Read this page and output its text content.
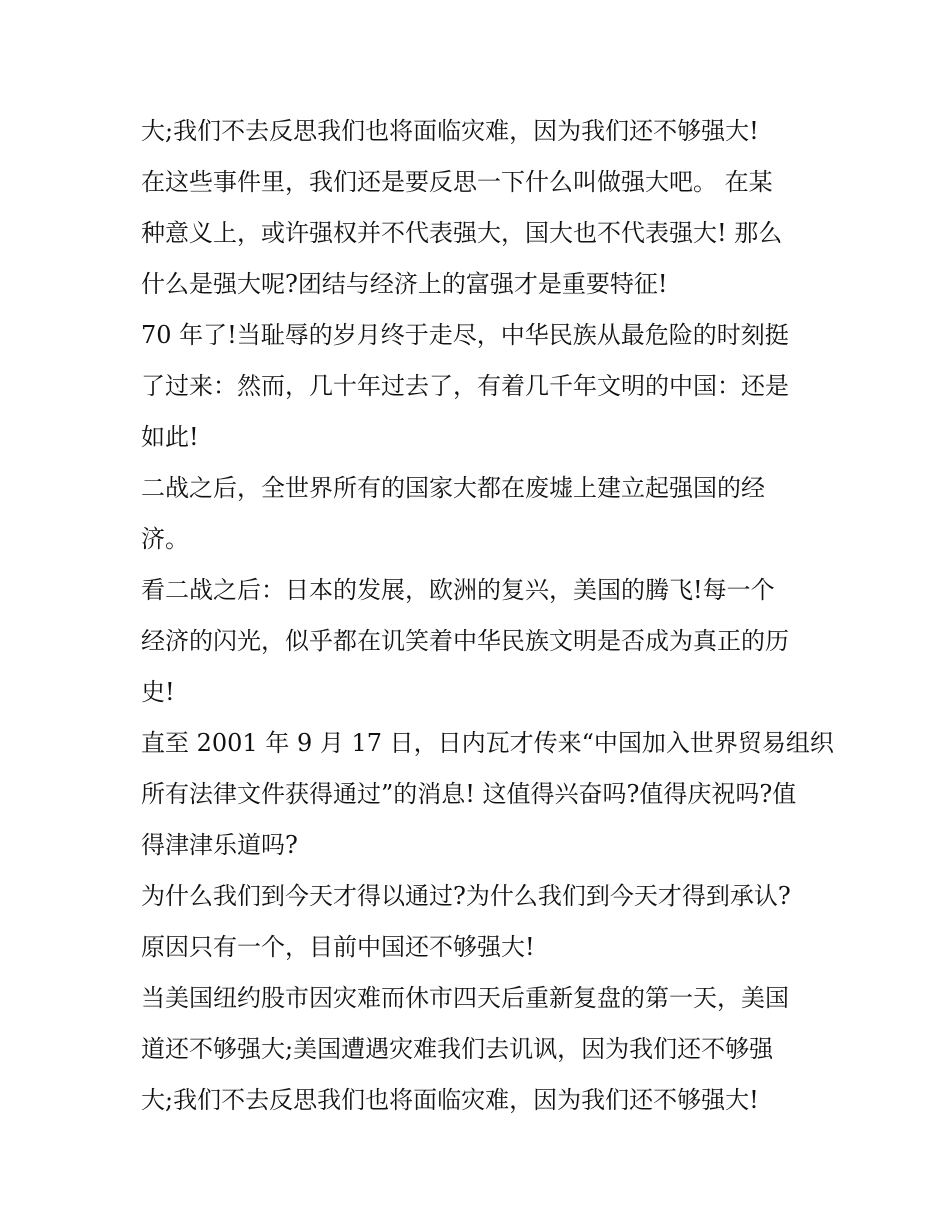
大;我们不去反思我们也将面临灾难，因为我们还不够强大!
在这些事件里，我们还是要反思一下什么叫做强大吧。 在某
种意义上，或许强权并不代表强大，国大也不代表强大! 那么
什么是强大呢?团结与经济上的富强才是重要特征!
70 年了!当耻辱的岁月终于走尽，中华民族从最危险的时刻挺
了过来：然而，几十年过去了，有着几千年文明的中国：还是
如此!
二战之后，全世界所有的国家大都在废墟上建立起强国的经
济。
看二战之后：日本的发展，欧洲的复兴，美国的腾飞!每一个
经济的闪光，似乎都在讥笑着中华民族文明是否成为真正的历
史!
直至 2001 年 9 月 17 日，日内瓦才传来“中国加入世界贸易组织
所有法律文件获得通过”的消息! 这值得兴奋吗?值得庆祝吗?值
得津津乐道吗?
为什么我们到今天才得以通过?为什么我们到今天才得到承认?
原因只有一个，目前中国还不够强大!
当美国纽约股市因灾难而休市四天后重新复盘的第一天，美国
道还不够强大;美国遭遇灾难我们去讥讽，因为我们还不够强
大;我们不去反思我们也将面临灾难，因为我们还不够强大!
